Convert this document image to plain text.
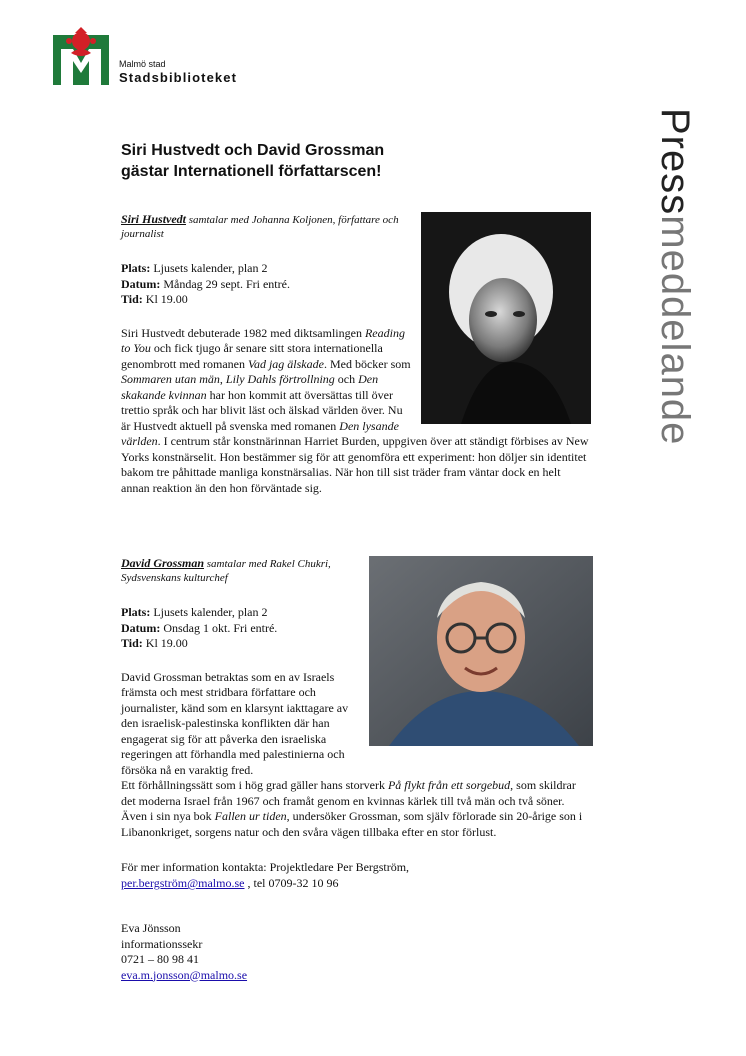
Malmö stad
Stadsbiblioteket
Pressmeddelande
Siri Hustvedt och David Grossman
gästar Internationell författarscen!

Siri Hustvedt samtalar med Johanna Koljonen, författare och journalist

Plats: Ljusets kalender, plan 2

Datum: Måndag 29 sept. Fri entré.

Tid: Kl 19.00

Siri Hustvedt debuterade 1982 med diktsamlingen Reading to You och fick tjugo år senare sitt stora internationella genombrott med romanen Vad jag älskade. Med böcker som Sommaren utan män, Lily Dahls förtrollning och Den skakande kvinnan har hon kommit att översättas till över trettio språk och har blivit läst och älskad världen över. Nu är Hustvedt aktuell på svenska med romanen Den lysande världen. I centrum står konstnärinnan Harriet Burden, uppgiven över att ständigt förbises av New Yorks konstnärselit. Hon bestämmer sig för att genomföra ett experiment: hon döljer sin identitet bakom tre påhittade manliga konstnärsalias. När hon till sist träder fram väntar dock en helt annan reaktion än den hon förväntade sig.

David Grossman samtalar med Rakel Chukri, Sydsvenskans kulturchef

Plats: Ljusets kalender, plan 2

Datum: Onsdag 1 okt. Fri entré.

Tid: Kl 19.00

David Grossman betraktas som en av Israels främsta och mest stridbara författare och journalister, känd som en klarsynt iakttagare av den israelisk-palestinska konflikten där han engagerat sig för att påverka den israeliska regeringen att förhandla med palestinierna och försöka nå en varaktig fred.

Ett förhållningssätt som i hög grad gäller hans storverk På flykt från ett sorgebud, som skildrar det moderna Israel från 1967 och framåt genom en kvinnas kärlek till två män och två söner. Även i sin nya bok Fallen ur tiden, undersöker Grossman, som själv förlorade sin 20-årige son i Libanonkriget, sorgens natur och den svåra vägen tillbaka efter en stor förlust.

För mer information kontakta: Projektledare Per Bergström,

per.bergström@malmo.se , tel 0709-32 10 96

Eva Jönsson

informationssekr

0721 – 80 98 41

eva.m.jonsson@malmo.se
